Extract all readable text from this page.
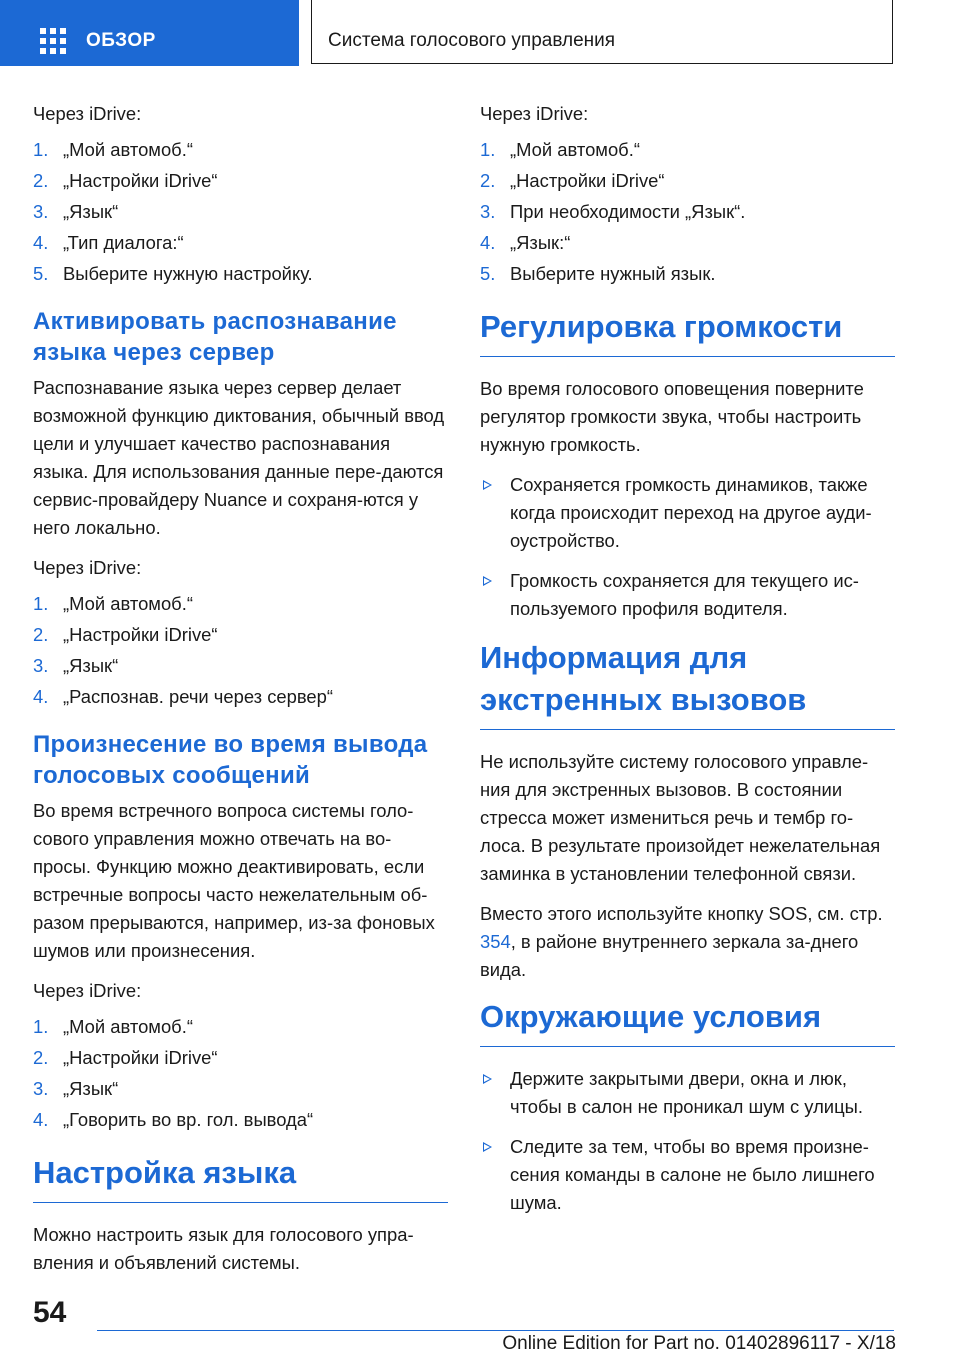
ОБЗОР	Система голосового управления

Через iDrive:

1. „Мой автомоб.“
2. „Настройки iDrive“
3. „Язык“
4. „Тип диалога:“
5. Выберите нужную настройку.
Активировать распознавание языка через сервер

Распознавание языка через сервер делает возможной функцию диктования, обычный ввод цели и улучшает качество распознавания языка. Для использования данные пере-даются сервис-провайдеру Nuance и сохраня-ются у него локально.

Через iDrive:

1. „Мой автомоб.“
2. „Настройки iDrive“
3. „Язык“
4. „Распознав. речи через сервер“
Произнесение во время вывода голосовых сообщений

Во время встречного вопроса системы голо-сового управления можно отвечать на во-просы. Функцию можно деактивировать, если встречные вопросы часто нежелательным об-разом прерываются, например, из-за фоновых шумов или произнесения.

Через iDrive:

1. „Мой автомоб.“
2. „Настройки iDrive“
3. „Язык“
4. „Говорить во вр. гол. вывода“
Настройка языка

Можно настроить язык для голосового упра-вления и объявлений системы.

Через iDrive:

1. „Мой автомоб.“
2. „Настройки iDrive“
3. При необходимости „Язык“.
4. „Язык:“
5. Выберите нужный язык.
Регулировка громкости

Во время голосового оповещения поверните регулятор громкости звука, чтобы настроить нужную громкость.

Сохраняется громкость динамиков, также когда происходит переход на другое ауди-оустройство.
Громкость сохраняется для текущего ис-пользуемого профиля водителя.
Информация для экстренных вызовов

Не используйте систему голосового управле-ния для экстренных вызовов. В состоянии стресса может измениться речь и тембр го-лоса. В результате произойдет нежелательная заминка в установлении телефонной связи.

Вместо этого используйте кнопку SOS, см. стр. 354, в районе внутреннего зеркала за-днего вида.

Окружающие условия
Держите закрытыми двери, окна и люк, чтобы в салон не проникал шум с улицы.
Следите за тем, чтобы во время произне-сения команды в салоне не было лишнего шума.
54
Online Edition for Part no. 01402896117 - X/18
